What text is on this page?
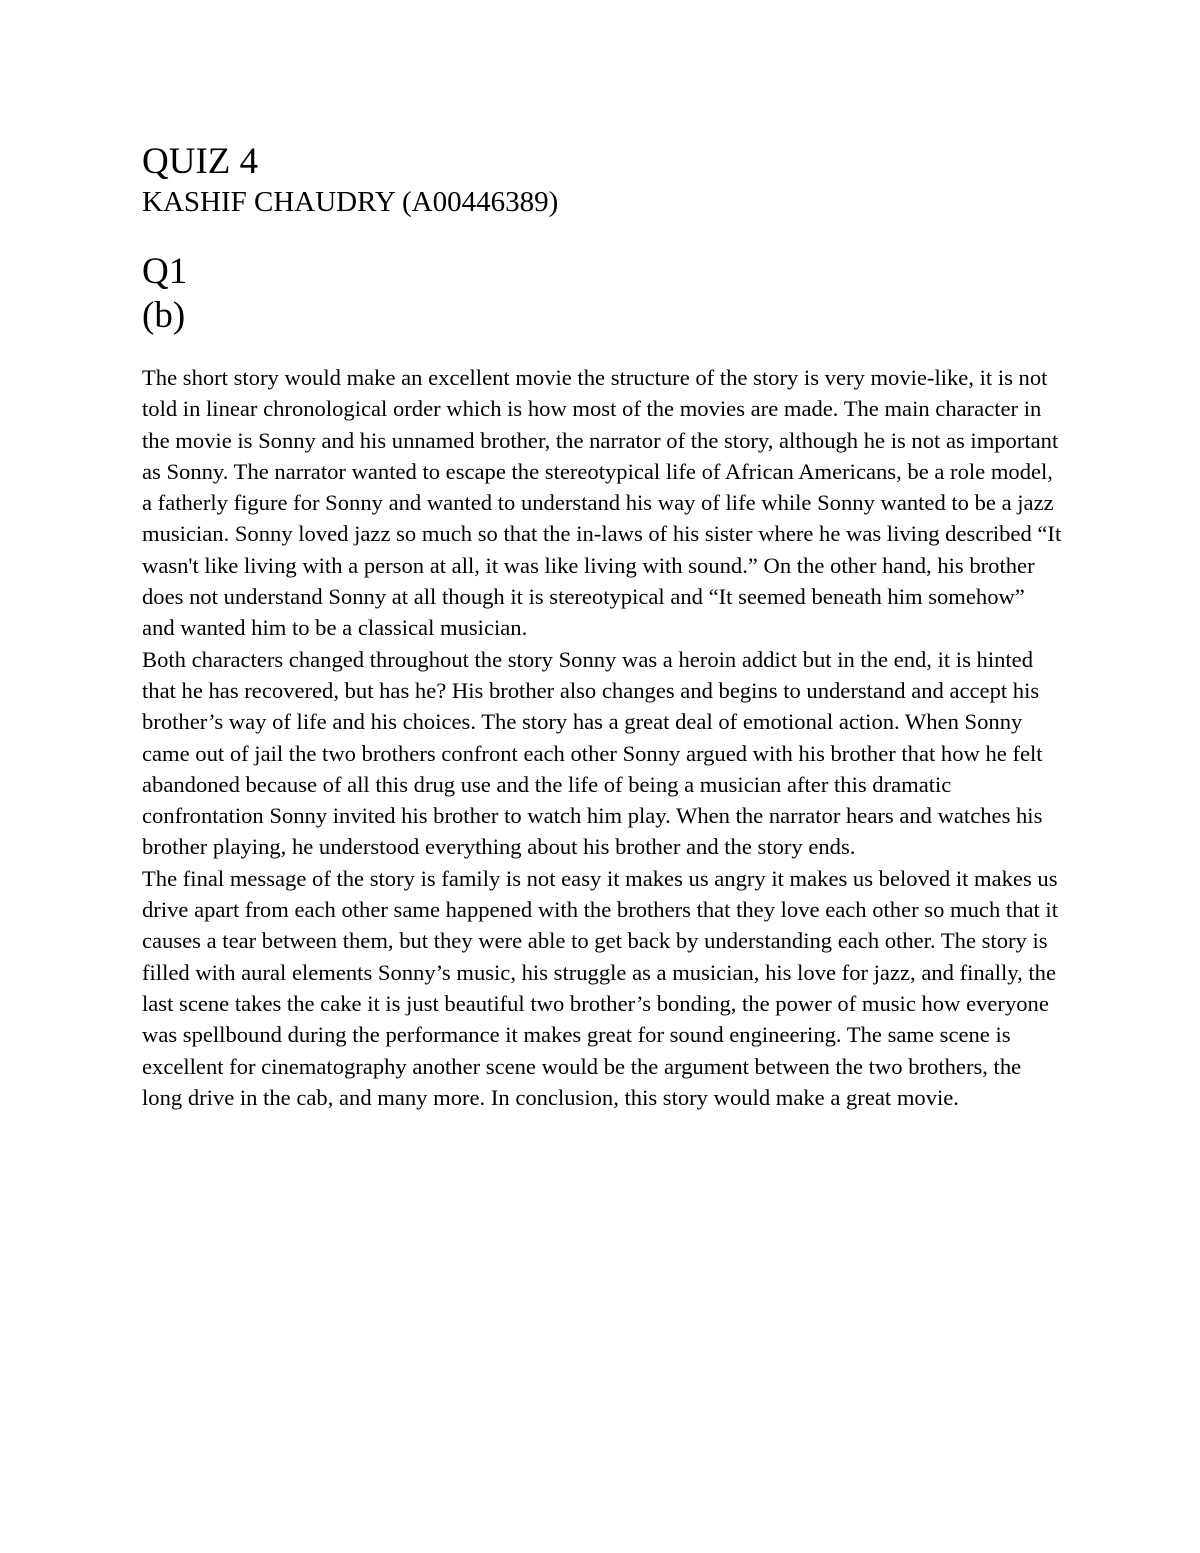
QUIZ 4
KASHIF CHAUDRY (A00446389)
Q1
(b)

The short story would make an excellent movie the structure of the story is very movie-like, it is not told in linear chronological order which is how most of the movies are made. The main character in the movie is Sonny and his unnamed brother, the narrator of the story, although he is not as important as Sonny. The narrator wanted to escape the stereotypical life of African Americans, be a role model, a fatherly figure for Sonny and wanted to understand his way of life while Sonny wanted to be a jazz musician. Sonny loved jazz so much so that the in-laws of his sister where he was living described “It wasn't like living with a person at all, it was like living with sound.” On the other hand, his brother does not understand Sonny at all though it is stereotypical and “It seemed beneath him somehow” and wanted him to be a classical musician.

Both characters changed throughout the story Sonny was a heroin addict but in the end, it is hinted that he has recovered, but has he? His brother also changes and begins to understand and accept his brother’s way of life and his choices. The story has a great deal of emotional action. When Sonny came out of jail the two brothers confront each other Sonny argued with his brother that how he felt abandoned because of all this drug use and the life of being a musician after this dramatic confrontation Sonny invited his brother to watch him play. When the narrator hears and watches his brother playing, he understood everything about his brother and the story ends.

The final message of the story is family is not easy it makes us angry it makes us beloved it makes us drive apart from each other same happened with the brothers that they love each other so much that it causes a tear between them, but they were able to get back by understanding each other. The story is filled with aural elements Sonny’s music, his struggle as a musician, his love for jazz, and finally, the last scene takes the cake it is just beautiful two brother’s bonding, the power of music how everyone was spellbound during the performance it makes great for sound engineering. The same scene is excellent for cinematography another scene would be the argument between the two brothers, the long drive in the cab, and many more. In conclusion, this story would make a great movie.
